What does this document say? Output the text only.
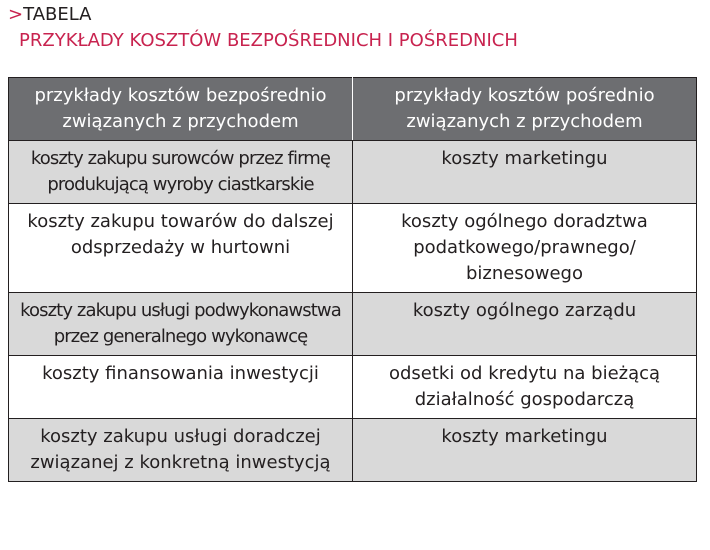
>TABELA
PRZYKŁADY KOSZTÓW BEZPOŚREDNICH I POŚREDNICH
przykłady kosztów bezpośrednio związanych z przychodem	przykłady kosztów pośrednio związanych z przychodem
koszty zakupu surowców przez firmę produkującą wyroby ciastkarskie	koszty marketingu
koszty zakupu towarów do dalszej odsprzedaży w hurtowni	koszty ogólnego doradztwa podatkowego/prawnego/ biznesowego
koszty zakupu usługi podwykonawstwa przez generalnego wykonawcę	koszty ogólnego zarządu
koszty finansowania inwestycji	odsetki od kredytu na bieżącą działalność gospodarczą
koszty zakupu usługi doradczej związanej z konkretną inwestycją	koszty marketingu
